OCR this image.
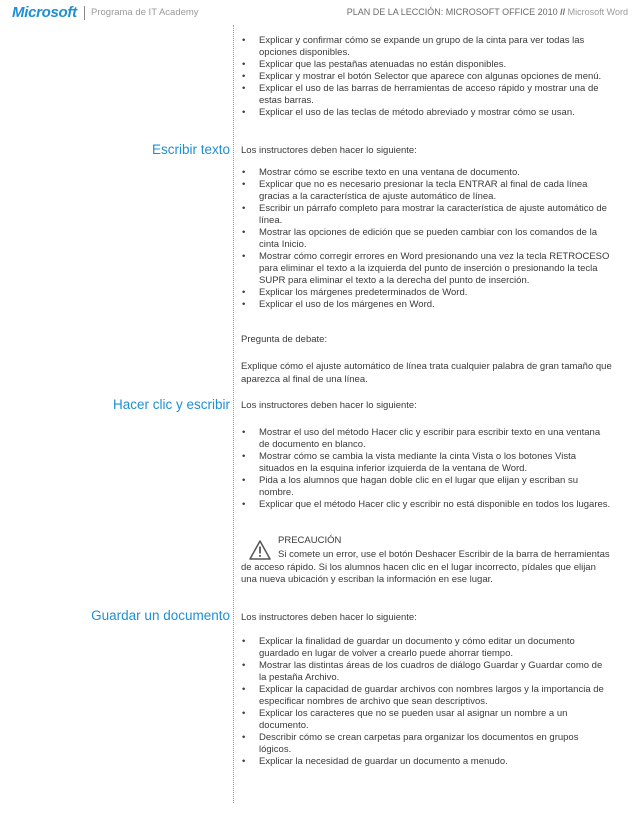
Microsoft Programa de IT Academy	PLAN DE LA LECCIÓN: MICROSOFT OFFICE 2010 // Microsoft Word
• Explicar y confirmar cómo se expande un grupo de la cinta para ver todas las opciones disponibles.
• Explicar que las pestañas atenuadas no están disponibles.
• Explicar y mostrar el botón Selector que aparece con algunas opciones de menú.
• Explicar el uso de las barras de herramientas de acceso rápido y mostrar una de estas barras.
• Explicar el uso de las teclas de método abreviado y mostrar cómo se usan.
Escribir texto Los instructores deben hacer lo siguiente:
• Mostrar cómo se escribe texto en una ventana de documento.
• Explicar que no es necesario presionar la tecla ENTRAR al final de cada línea gracias a la característica de ajuste automático de línea.
• Escribir un párrafo completo para mostrar la característica de ajuste automático de línea.
• Mostrar las opciones de edición que se pueden cambiar con los comandos de la cinta Inicio.
• Mostrar cómo corregir errores en Word presionando una vez la tecla RETROCESO para eliminar el texto a la izquierda del punto de inserción o presionando la tecla SUPR para eliminar el texto a la derecha del punto de inserción.
• Explicar los márgenes predeterminados de Word.
• Explicar el uso de los márgenes en Word.
Pregunta de debate:
Explique cómo el ajuste automático de línea trata cualquier palabra de gran tamaño que aparezca al final de una línea.
Hacer clic y escribir Los instructores deben hacer lo siguiente:
• Mostrar el uso del método Hacer clic y escribir para escribir texto en una ventana de documento en blanco.
• Mostrar cómo se cambia la vista mediante la cinta Vista o los botones Vista situados en la esquina inferior izquierda de la ventana de Word.
• Pida a los alumnos que hagan doble clic en el lugar que elijan y escriban su nombre.
• Explicar que el método Hacer clic y escribir no está disponible en todos los lugares.
PRECAUCIÓN
Si comete un error, use el botón Deshacer Escribir de la barra de herramientas de acceso rápido. Si los alumnos hacen clic en el lugar incorrecto, pídales que elijan una nueva ubicación y escriban la información en ese lugar.
Guardar un documento Los instructores deben hacer lo siguiente:
• Explicar la finalidad de guardar un documento y cómo editar un documento guardado en lugar de volver a crearlo puede ahorrar tiempo.
• Mostrar las distintas áreas de los cuadros de diálogo Guardar y Guardar como de la pestaña Archivo.
• Explicar la capacidad de guardar archivos con nombres largos y la importancia de especificar nombres de archivo que sean descriptivos.
• Explicar los caracteres que no se pueden usar al asignar un nombre a un documento.
• Describir cómo se crean carpetas para organizar los documentos en grupos lógicos.
• Explicar la necesidad de guardar un documento a menudo.
